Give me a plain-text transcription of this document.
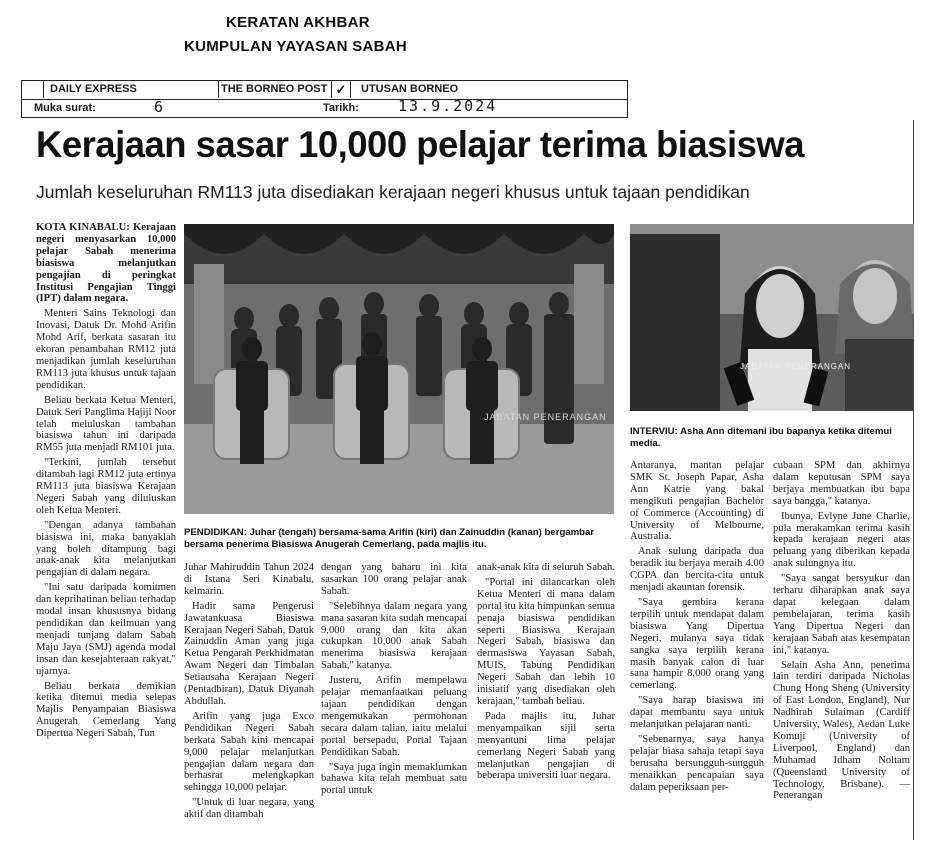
KERATAN AKHBAR
KUMPULAN YAYASAN SABAH
DAILY EXPRESS	THE BORNEO POST ✓	UTUSAN BORNEO
Muka surat:	6	Tarikh:	13.9.2024
Kerajaan sasar 10,000 pelajar terima biasiswa
Jumlah keseluruhan RM113 juta disediakan kerajaan negeri khusus untuk tajaan pendidikan

KOTA KINABALU: Kerajaan negeri menyasarkan 10,000 pelajar Sabah menerima biasiswa melanjutkan pengajian di peringkat Institusi Pengajian Tinggi (IPT) dalam negara.

Menteri Sains Teknologi dan Inovasi, Datuk Dr. Mohd Arifin Mohd Arif, berkata sasaran itu ekoran penambahan RM12 juta menjadikan jumlah keseluruhan RM113 juta khusus untuk tajaan pendidikan.

Beliau berkata Ketua Menteri, Datuk Seri Panglima Hajiji Noor telah meluluskan tambahan biasiswa tahun ini daripada RM55 juta menjadi RM101 juta.

"Terkini, jumlah tersebut ditambah lagi RM12 juta ertinya RM113 juta biasiswa Kerajaan Negeri Sabah yang diluluskan oleh Ketua Menteri.

"Dengan adanya tambahan biasiswa ini, maka banyaklah yang boleh ditampung bagi anak-anak kita melanjutkan pengajian di dalam negara.

"Ini satu daripada komitmen dan keprihatinan beliau terhadap modal insan khususnya bidang pendidikan dan keilmuan yang menjadi tunjang dalam Sabah Maju Jaya (SMJ) agenda modal insan dan kesejahteraan rakyat," ujarnya.

Beliau berkata demikian ketika ditemui media selepas Majlis Penyampaian Biasiswa Anugerah Cemerlang Yang Dipertua Negeri Sabah, Tun

JABATAN PENERANGAN
PENDIDIKAN: Juhar (tengah) bersama-sama Arifin (kiri) dan Zainuddin (kanan) bergambar bersama penerima Biasiswa Anugerah Cemerlang, pada majlis itu.
JABATAN PENERANGAN
INTERVIU: Asha Ann ditemani ibu bapanya ketika ditemui media.

Juhar Mahiruddin Tahun 2024 di Istana Seri Kinabalu, kelmarin.

Hadir sama Pengerusi Jawatankuasa Biasiswa Kerajaan Negeri Sabah, Datuk Zainuddin Aman yang juga Ketua Pengarah Perkhidmatan Awam Negeri dan Timbalan Setiausaha Kerajaan Negeri (Pentadbiran), Datuk Diyanah Abdullah.

Arifin yang juga Exco Pendidikan Negeri Sabah berkata Sabah kini mencapai 9,000 pelajar melanjutkan pengajian dalam negara dan berhasrat melengkapkan sehingga 10,000 pelajar.

"Untuk di luar negara, yang aktif dan ditambah

dengan yang baharu ini kita sasarkan 100 orang pelajar anak Sabah.

"Selebihnya dalam negara yang mana sasaran kita sudah mencapai 9,000 orang dan kita akan cukupkan 10,000 anak Sabah menerima biasiswa kerajaan Sabah," katanya.

Justeru, Arifin mempelawa pelajar memanfaatkan peluang tajaan pendidikan dengan mengemukakan permohonan secara dalam talian, iaitu melalui portal bersepadu, Portal Tajaan Pendidikan Sabah.

"Saya juga ingin memaklumkan bahawa kita telah membuat satu portal untuk

anak-anak kita di seluruh Sabah.

"Portal ini dilancarkan oleh Ketua Menteri di mana dalam portal itu kita himpunkan semua penaja biasiswa pendidikan seperti Biasiswa Kerajaan Negeri Sabah, biasiswa dan dermasiswa Yayasan Sabah, MUIS, Tabung Pendidikan Negeri Sabah dan lebih 10 inisiatif yang disediakan oleh kerajaan," tambah beliau.

Pada majlis itu, Juhar menyampaikan sijil serta menyantuni lima pelajar cemerlang Negeri Sabah yang melanjutkan pengajian di beberapa universiti luar negara.

Antaranya, mantan pelajar SMK St. Joseph Papar, Asha Ann Katrie yang bakal mengikuti pengajian Bachelor of Commerce (Accounting) di University of Melbourne, Australia.

Anak sulung daripada dua beradik itu berjaya meraih 4.00 CGPA dan bercita-cita untuk menjadi akauntan forensik.

"Saya gembira kerana terpilih untuk mendapat dalam biasiswa Yang Dipertua Negeri, mulanya saya tidak sangka saya terpilih kerana masih banyak calon di luar sana hampir 8,000 orang yang cemerlang.

"Saya harap biasiswa ini dapat membantu saya untuk melanjutkan pelajaran nanti.

"Sebenarnya, saya hanya pelajar biasa sahaja tetapi saya berusaha bersungguh-sungguh menaikkan pencapaian saya dalam peperiksaan per-

cubaan SPM dan akhirnya dalam keputusan SPM saya berjaya membuatkan ibu bapa saya bangga," katanya.

Ibunya, Evlyne June Charlie, pula merakamkan terima kasih kepada kerajaan negeri atas peluang yang diberikan kepada anak sulungnya itu.

"Saya sangat bersyukur dan terharu diharapkan anak saya dapat kelegaan dalam pembelajaran, terima kasih Yang Dipertua Negeri dan kerajaan Sabah atas kesempatan ini," katanya.

Selain Asha Ann, penerima lain terdiri daripada Nicholas Chung Hong Sheng (University of East London, England), Nur Nadhirah Sulaiman (Cardiff University, Wales), Aedan Luke Komuji (University of Liverpool, England) dan Muhamad Idham Noltam (Queensland University of Technology, Brisbane). — Penerangan
